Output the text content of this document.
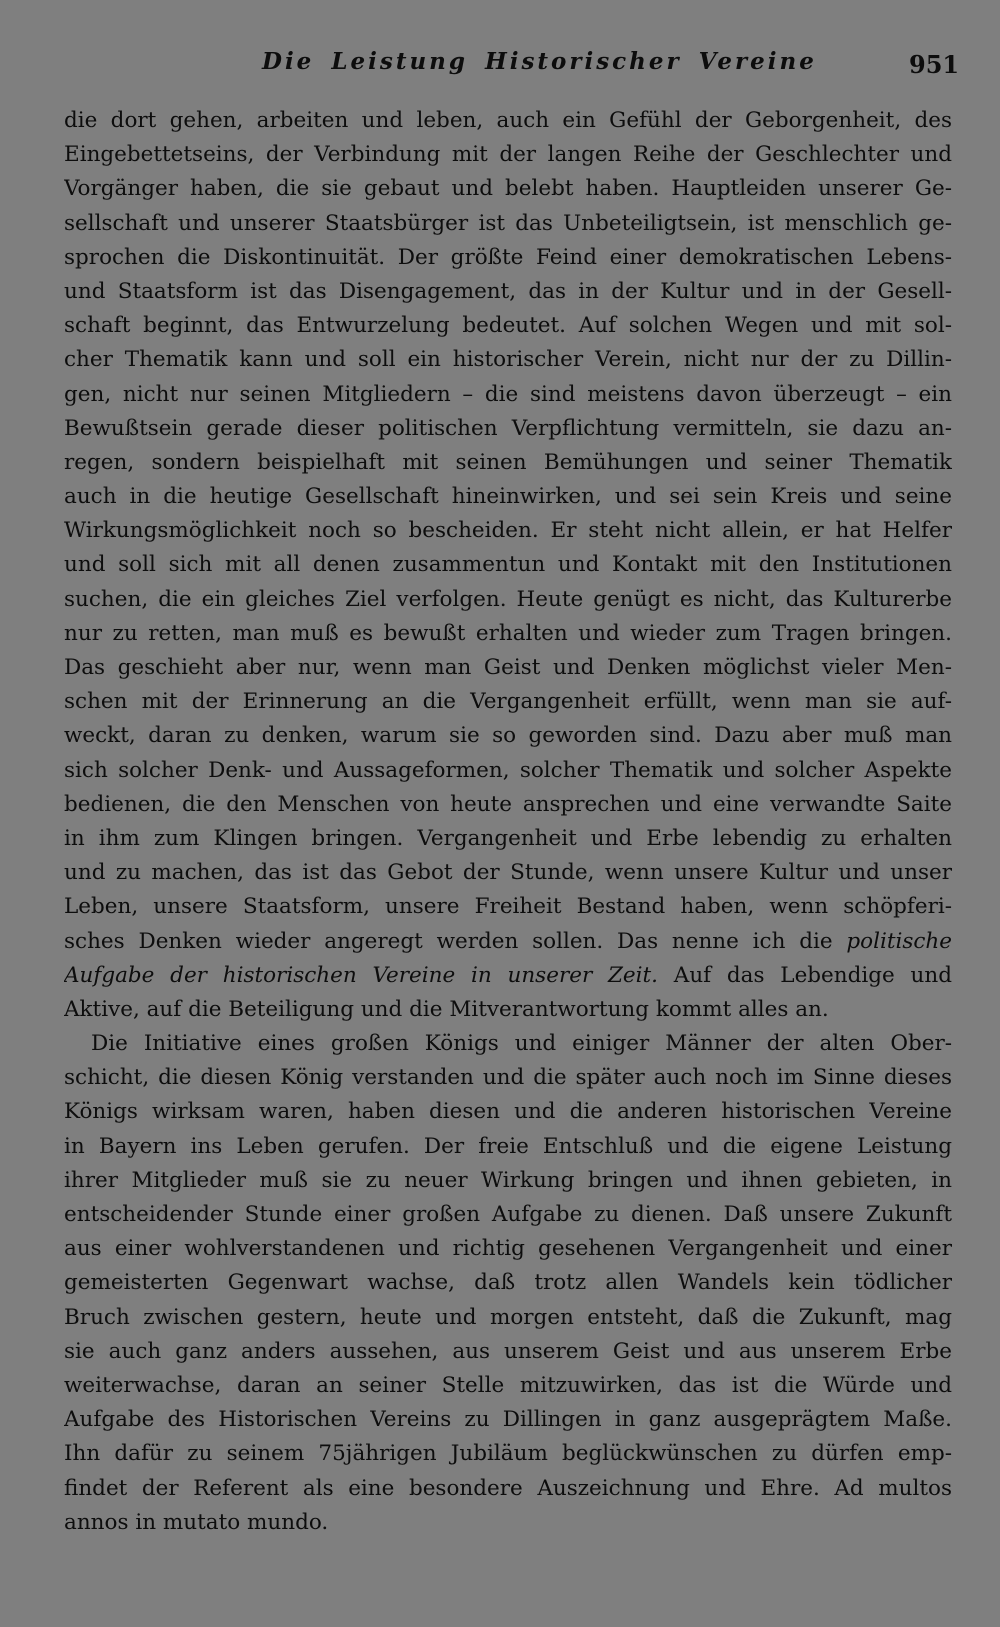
Die Leistung Historischer Vereine	951
die dort gehen, arbeiten und leben, auch ein Gefühl der Geborgenheit, des
Eingebettetseins, der Verbindung mit der langen Reihe der Geschlechter und
Vorgänger haben, die sie gebaut und belebt haben. Hauptleiden unserer Ge-
sellschaft und unserer Staatsbürger ist das Unbeteiligtsein, ist menschlich ge-
sprochen die Diskontinuität. Der größte Feind einer demokratischen Lebens-
und Staatsform ist das Disengagement, das in der Kultur und in der Gesell-
schaft beginnt, das Entwurzelung bedeutet. Auf solchen Wegen und mit sol-
cher Thematik kann und soll ein historischer Verein, nicht nur der zu Dillin-
gen, nicht nur seinen Mitgliedern – die sind meistens davon überzeugt – ein
Bewußtsein gerade dieser politischen Verpflichtung vermitteln, sie dazu an-
regen, sondern beispielhaft mit seinen Bemühungen und seiner Thematik
auch in die heutige Gesellschaft hineinwirken, und sei sein Kreis und seine
Wirkungsmöglichkeit noch so bescheiden. Er steht nicht allein, er hat Helfer
und soll sich mit all denen zusammentun und Kontakt mit den Institutionen
suchen, die ein gleiches Ziel verfolgen. Heute genügt es nicht, das Kulturerbe
nur zu retten, man muß es bewußt erhalten und wieder zum Tragen bringen.
Das geschieht aber nur, wenn man Geist und Denken möglichst vieler Men-
schen mit der Erinnerung an die Vergangenheit erfüllt, wenn man sie auf-
weckt, daran zu denken, warum sie so geworden sind. Dazu aber muß man
sich solcher Denk- und Aussageformen, solcher Thematik und solcher Aspekte
bedienen, die den Menschen von heute ansprechen und eine verwandte Saite
in ihm zum Klingen bringen. Vergangenheit und Erbe lebendig zu erhalten
und zu machen, das ist das Gebot der Stunde, wenn unsere Kultur und unser
Leben, unsere Staatsform, unsere Freiheit Bestand haben, wenn schöpferi-
sches Denken wieder angeregt werden sollen. Das nenne ich die politische
Aufgabe der historischen Vereine in unserer Zeit. Auf das Lebendige und
Aktive, auf die Beteiligung und die Mitverantwortung kommt alles an.
Die Initiative eines großen Königs und einiger Männer der alten Ober-
schicht, die diesen König verstanden und die später auch noch im Sinne dieses
Königs wirksam waren, haben diesen und die anderen historischen Vereine
in Bayern ins Leben gerufen. Der freie Entschluß und die eigene Leistung
ihrer Mitglieder muß sie zu neuer Wirkung bringen und ihnen gebieten, in
entscheidender Stunde einer großen Aufgabe zu dienen. Daß unsere Zukunft
aus einer wohlverstandenen und richtig gesehenen Vergangenheit und einer
gemeisterten Gegenwart wachse, daß trotz allen Wandels kein tödlicher
Bruch zwischen gestern, heute und morgen entsteht, daß die Zukunft, mag
sie auch ganz anders aussehen, aus unserem Geist und aus unserem Erbe
weiterwachse, daran an seiner Stelle mitzuwirken, das ist die Würde und
Aufgabe des Historischen Vereins zu Dillingen in ganz ausgeprägtem Maße.
Ihn dafür zu seinem 75jährigen Jubiläum beglückwünschen zu dürfen emp-
findet der Referent als eine besondere Auszeichnung und Ehre. Ad multos
annos in mutato mundo.
